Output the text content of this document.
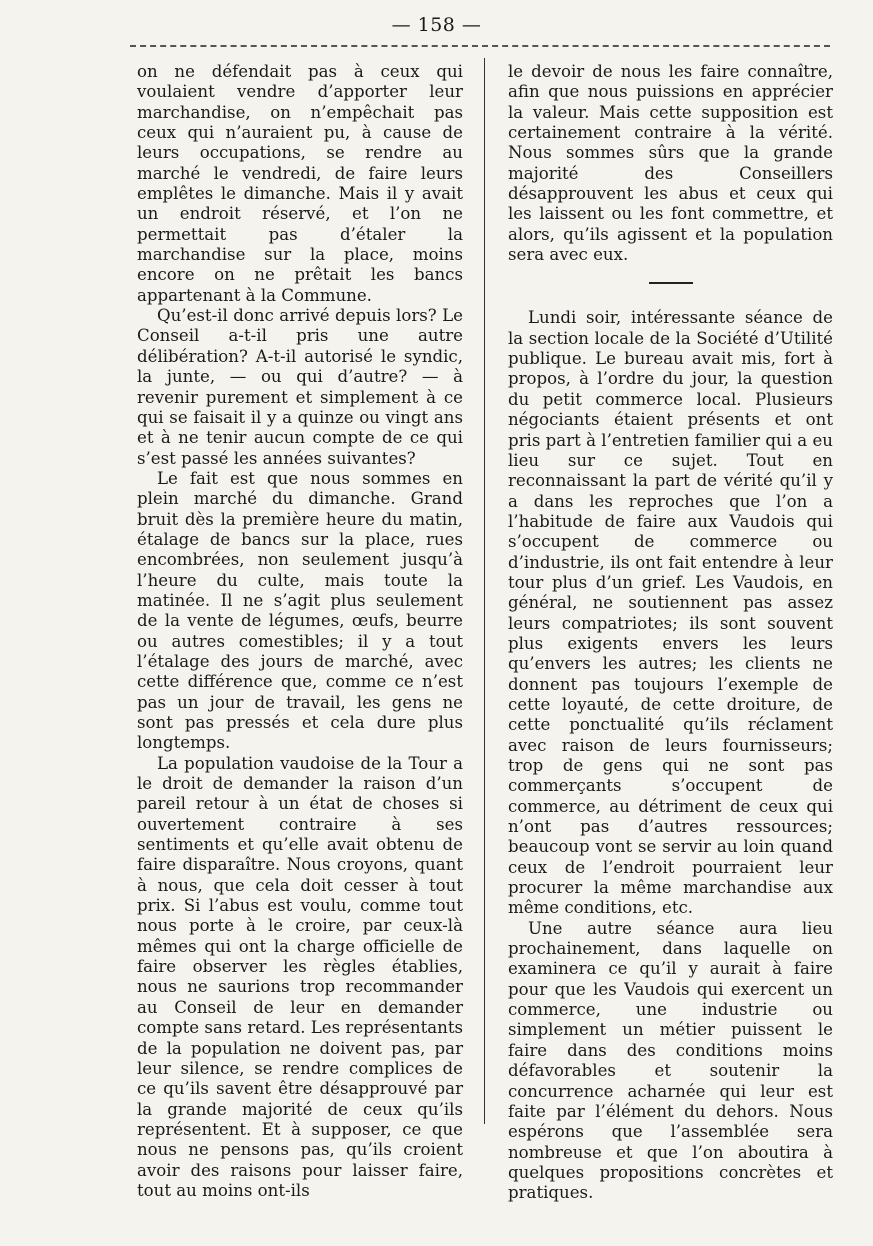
— 158 —

on ne défendait pas à ceux qui voulaient vendre d’apporter leur marchandise, on n’empêchait pas ceux qui n’auraient pu, à cause de leurs occupations, se rendre au marché le vendredi, de faire leurs emplêtes le dimanche. Mais il y avait un endroit réservé, et l’on ne permettait pas d’étaler la marchandise sur la place, moins encore on ne prêtait les bancs appartenant à la Commune.

Qu’est-il donc arrivé depuis lors? Le Conseil a-t-il pris une autre délibération? A-t-il autorisé le syndic, la junte, — ou qui d’autre? — à revenir purement et simplement à ce qui se faisait il y a quinze ou vingt ans et à ne tenir aucun compte de ce qui s’est passé les années suivantes?

Le fait est que nous sommes en plein marché du dimanche. Grand bruit dès la première heure du matin, étalage de bancs sur la place, rues encombrées, non seulement jusqu’à l’heure du culte, mais toute la matinée. Il ne s’agit plus seulement de la vente de légumes, œufs, beurre ou autres comestibles; il y a tout l’étalage des jours de marché, avec cette différence que, comme ce n’est pas un jour de travail, les gens ne sont pas pressés et cela dure plus longtemps.

La population vaudoise de la Tour a le droit de demander la raison d’un pareil retour à un état de choses si ouvertement contraire à ses sentiments et qu’elle avait obtenu de faire disparaître. Nous croyons, quant à nous, que cela doit cesser à tout prix. Si l’abus est voulu, comme tout nous porte à le croire, par ceux-là mêmes qui ont la charge officielle de faire observer les règles établies, nous ne saurions trop recommander au Conseil de leur en demander compte sans retard. Les représentants de la population ne doivent pas, par leur silence, se rendre complices de ce qu’ils savent être désapprouvé par la grande majorité de ceux qu’ils représentent. Et à supposer, ce que nous ne pensons pas, qu’ils croient avoir des raisons pour laisser faire, tout au moins ont-ils

le devoir de nous les faire connaître, afin que nous puissions en apprécier la valeur. Mais cette supposition est certainement contraire à la vérité. Nous sommes sûrs que la grande majorité des Conseillers désapprouvent les abus et ceux qui les laissent ou les font commettre, et alors, qu’ils agissent et la population sera avec eux.

Lundi soir, intéressante séance de la section locale de la Société d’Utilité publique. Le bureau avait mis, fort à propos, à l’ordre du jour, la question du petit commerce local. Plusieurs négociants étaient présents et ont pris part à l’entretien familier qui a eu lieu sur ce sujet. Tout en reconnaissant la part de vérité qu’il y a dans les reproches que l’on a l’habitude de faire aux Vaudois qui s’occupent de commerce ou d’industrie, ils ont fait entendre à leur tour plus d’un grief. Les Vaudois, en général, ne soutiennent pas assez leurs compatriotes; ils sont souvent plus exigents envers les leurs qu’envers les autres; les clients ne donnent pas toujours l’exemple de cette loyauté, de cette droiture, de cette ponctualité qu’ils réclament avec raison de leurs fournisseurs; trop de gens qui ne sont pas commerçants s’occupent de commerce, au détriment de ceux qui n’ont pas d’autres ressources; beaucoup vont se servir au loin quand ceux de l’endroit pourraient leur procurer la même marchandise aux même conditions, etc.

Une autre séance aura lieu prochainement, dans laquelle on examinera ce qu’il y aurait à faire pour que les Vaudois qui exercent un commerce, une industrie ou simplement un métier puissent le faire dans des conditions moins défavorables et soutenir la concurrence acharnée qui leur est faite par l’élément du dehors. Nous espérons que l’assemblée sera nombreuse et que l’on aboutira à quelques propositions concrètes et pratiques.
